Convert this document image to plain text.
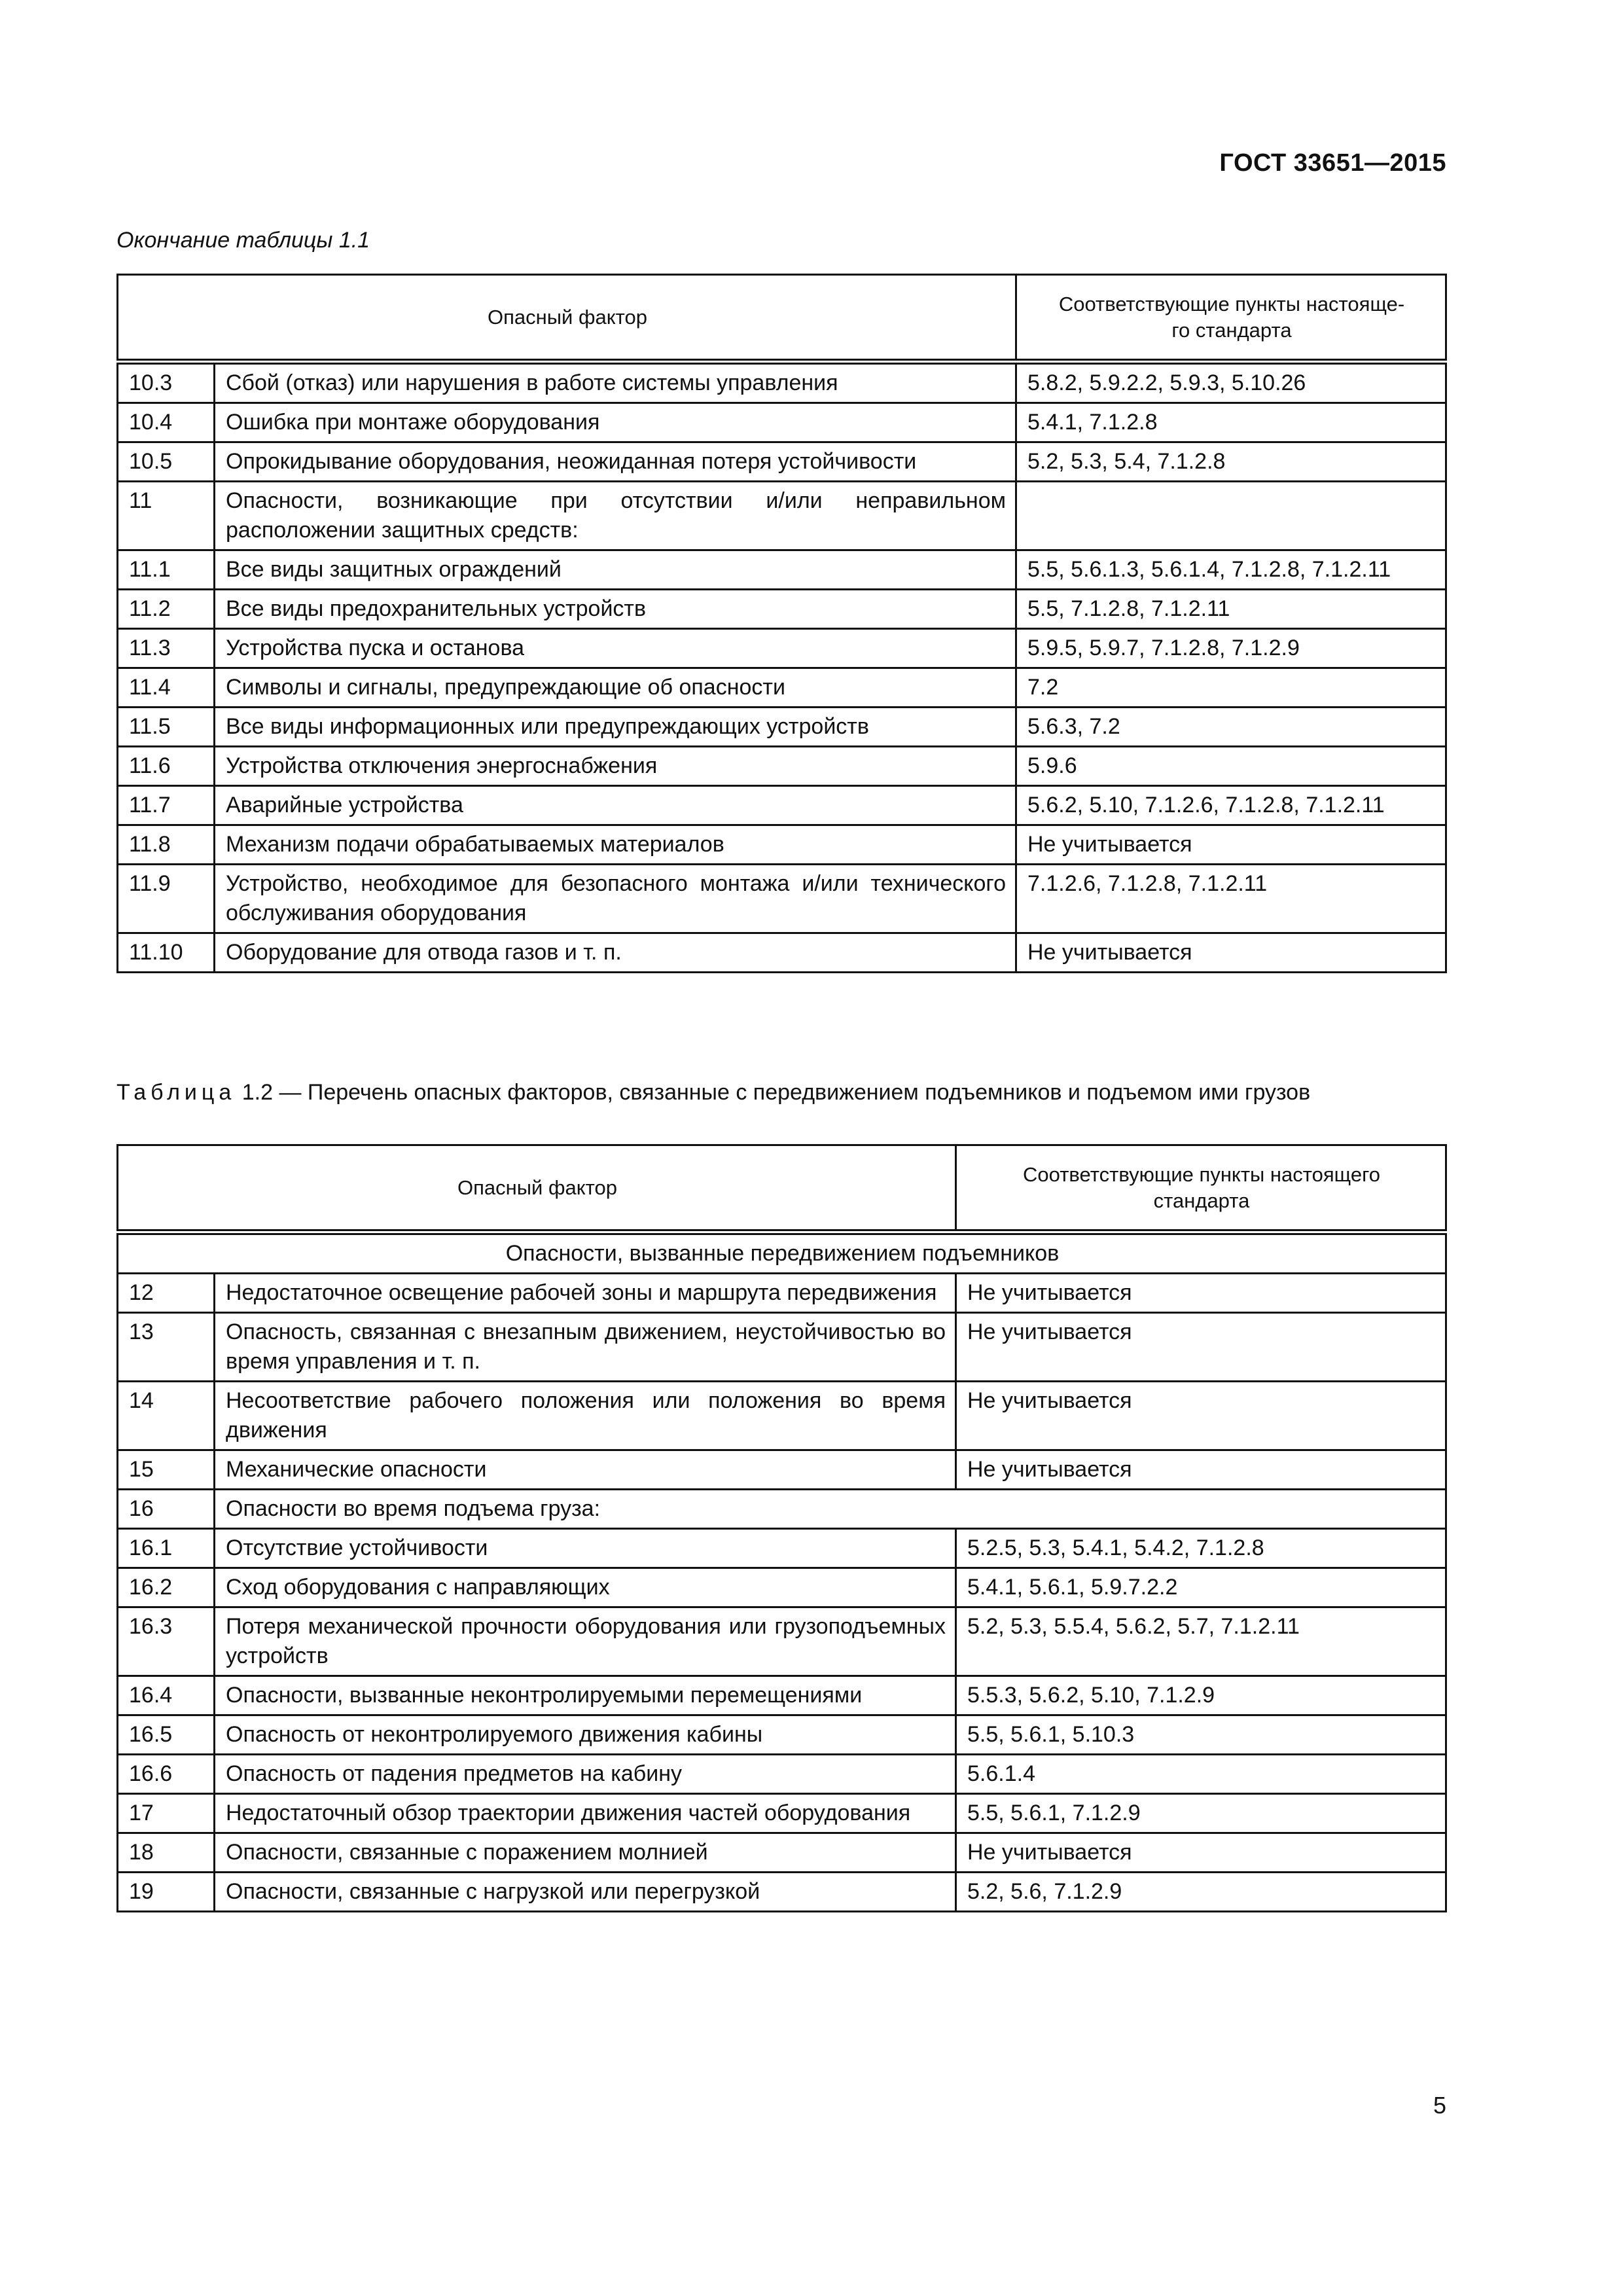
ГОСТ 33651—2015
Окончание таблицы 1.1
Опасный фактор		Соответствующие пункты настояще-
го стандарта
10.3	Сбой (отказ) или нарушения в работе системы управления	5.8.2, 5.9.2.2, 5.9.3, 5.10.26
10.4	Ошибка при монтаже оборудования	5.4.1, 7.1.2.8
10.5	Опрокидывание оборудования, неожиданная потеря устойчивости	5.2, 5.3, 5.4, 7.1.2.8
11	Опасности, возникающие при отсутствии и/или неправильном расположении защитных средств:	
11.1	Все виды защитных ограждений	5.5, 5.6.1.3, 5.6.1.4, 7.1.2.8, 7.1.2.11
11.2	Все виды предохранительных устройств	5.5, 7.1.2.8, 7.1.2.11
11.3	Устройства пуска и останова	5.9.5, 5.9.7, 7.1.2.8, 7.1.2.9
11.4	Символы и сигналы, предупреждающие об опасности	7.2
11.5	Все виды информационных или предупреждающих устройств	5.6.3, 7.2
11.6	Устройства отключения энергоснабжения	5.9.6
11.7	Аварийные устройства	5.6.2, 5.10, 7.1.2.6, 7.1.2.8, 7.1.2.11
11.8	Механизм подачи обрабатываемых материалов	Не учитывается
11.9	Устройство, необходимое для безопасного монтажа и/или технического обслуживания оборудования	7.1.2.6, 7.1.2.8, 7.1.2.11
11.10	Оборудование для отвода газов и т. п.	Не учитывается
Таблица 1.2 — Перечень опасных факторов, связанные с передвижением подъемников и подъемом ими грузов
Опасный фактор		Соответствующие пункты настоящего
стандарта
Опасности, вызванные передвижением подъемников		
12	Недостаточное освещение рабочей зоны и маршрута передвижения	Не учитывается
13	Опасность, связанная с внезапным движением, неустойчивостью во время управления и т. п.	Не учитывается
14	Несоответствие рабочего положения или положения во время движения	Не учитывается
15	Механические опасности	Не учитывается
16	Опасности во время подъема груза:	
16.1	Отсутствие устойчивости	5.2.5, 5.3, 5.4.1, 5.4.2, 7.1.2.8
16.2	Сход оборудования с направляющих	5.4.1, 5.6.1, 5.9.7.2.2
16.3	Потеря механической прочности оборудования или грузоподъемных устройств	5.2, 5.3, 5.5.4, 5.6.2, 5.7, 7.1.2.11
16.4	Опасности, вызванные неконтролируемыми перемещениями	5.5.3, 5.6.2, 5.10, 7.1.2.9
16.5	Опасность от неконтролируемого движения кабины	5.5, 5.6.1, 5.10.3
16.6	Опасность от падения предметов на кабину	5.6.1.4
17	Недостаточный обзор траектории движения частей оборудования	5.5, 5.6.1, 7.1.2.9
18	Опасности, связанные с поражением молнией	Не учитывается
19	Опасности, связанные с нагрузкой или перегрузкой	5.2, 5.6, 7.1.2.9
5
